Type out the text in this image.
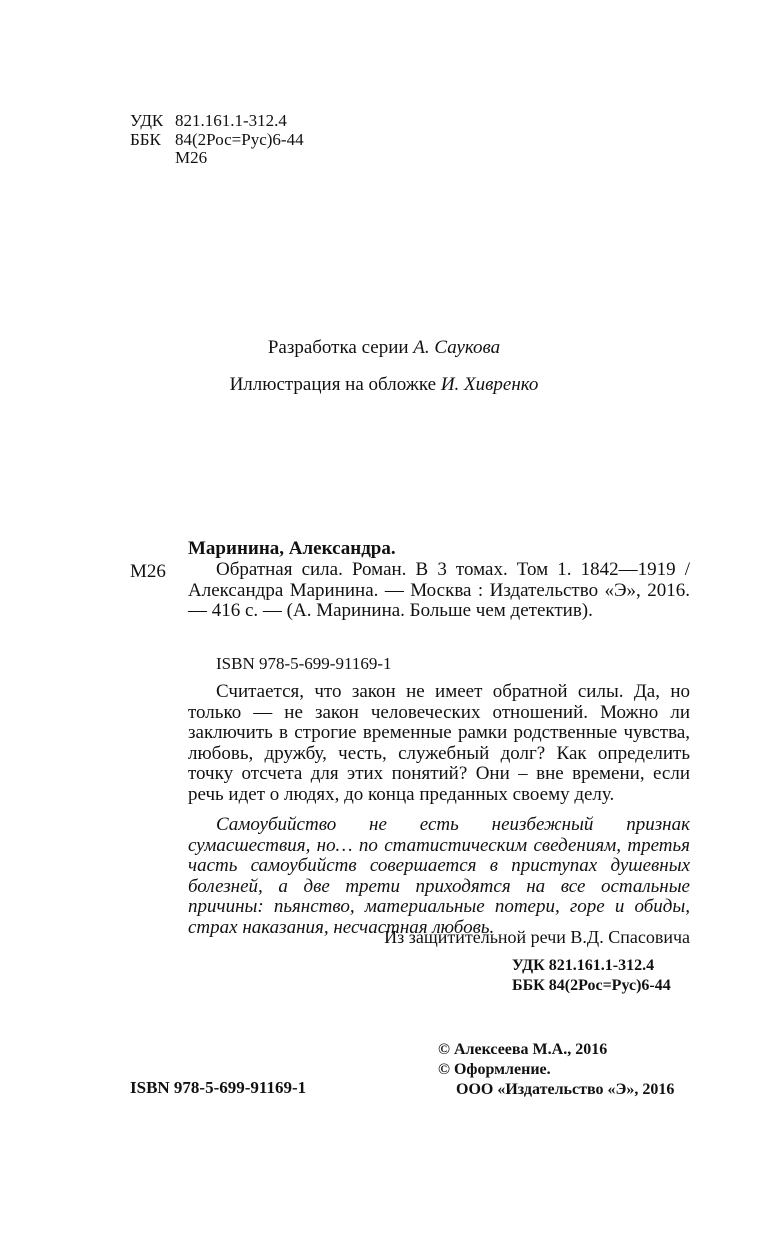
УДК 821.161.1-312.4
ББК 84(2Рос=Рус)6-44
М26
Разработка серии А. Саукова
Иллюстрация на обложке И. Хивренко
Маринина, Александра.
М26	Обратная сила. Роман. В 3 томах. Том 1. 1842—1919 / Александра Маринина. — Москва : Издательство «Э», 2016. — 416 с. — (А. Маринина. Больше чем детектив).
ISBN 978-5-699-91169-1
Считается, что закон не имеет обратной силы. Да, но только — не закон человеческих отношений. Можно ли заключить в строгие временные рамки родственные чувства, любовь, дружбу, честь, служебный долг? Как определить точку отсчета для этих понятий? Они – вне времени, если речь идет о людях, до конца преданных своему делу.
Самоубийство не есть неизбежный признак сумасшествия, но… по статистическим сведениям, третья часть самоубийств совершается в приступах душевных болезней, а две трети приходятся на все остальные причины: пьянство, материальные потери, горе и обиды, страх наказания, несчастная любовь.
Из защитительной речи В.Д. Спасовича
УДК 821.161.1-312.4
ББК 84(2Рос=Рус)6-44
© Алексеева М.А., 2016
© Оформление.
ООО «Издательство «Э», 2016
ISBN 978-5-699-91169-1
